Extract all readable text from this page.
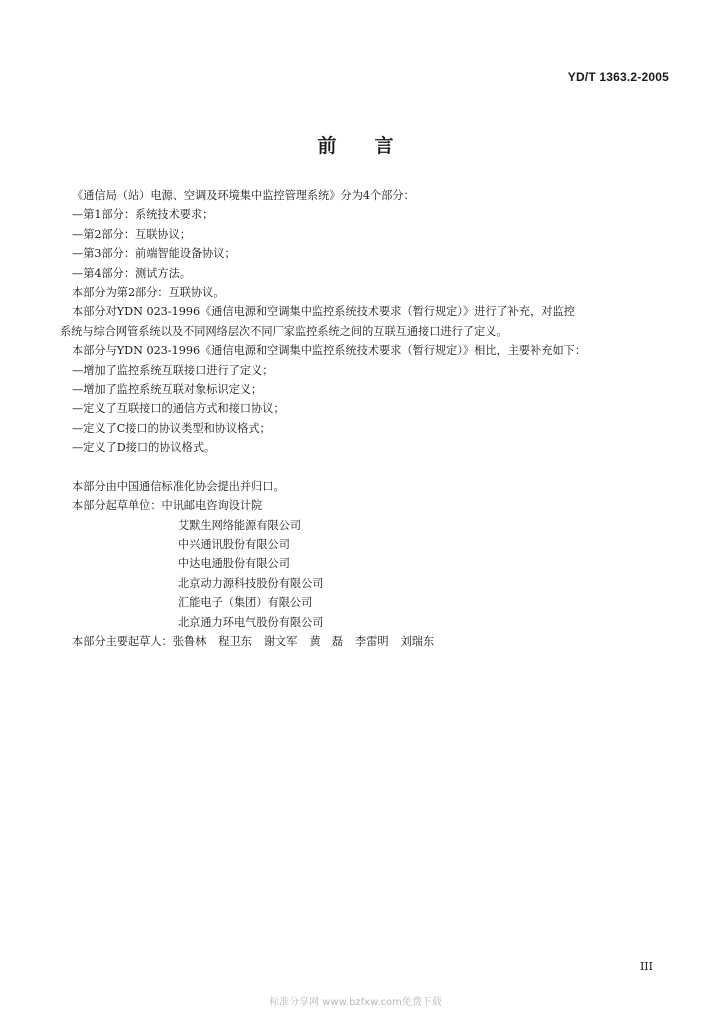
YD/T 1363.2-2005
前 言
《通信局（站）电源、空调及环境集中监控管理系统》分为4个部分：
—第1部分：系统技术要求；
—第2部分：互联协议；
—第3部分：前端智能设备协议；
—第4部分：测试方法。
本部分为第2部分：互联协议。
本部分对YDN 023-1996《通信电源和空调集中监控系统技术要求（暂行规定）》进行了补充，对监控
系统与综合网管系统以及不同网络层次不同厂家监控系统之间的互联互通接口进行了定义。
本部分与YDN 023-1996《通信电源和空调集中监控系统技术要求（暂行规定）》相比，主要补充如下：
—增加了监控系统互联接口进行了定义；
—增加了监控系统互联对象标识定义；
—定义了互联接口的通信方式和接口协议；
—定义了C接口的协议类型和协议格式；
—定义了D接口的协议格式。
本部分由中国通信标准化协会提出并归口。
本部分起草单位：中讯邮电咨询设计院
艾默生网络能源有限公司
中兴通讯股份有限公司
中达电通股份有限公司
北京动力源科技股份有限公司
汇能电子（集团）有限公司
北京通力环电气股份有限公司
本部分主要起草人：张鲁林 程卫东 谢文军 黄　磊 李雷明 刘瑞东
III
标准分享网 www.bzfxw.com免费下载
